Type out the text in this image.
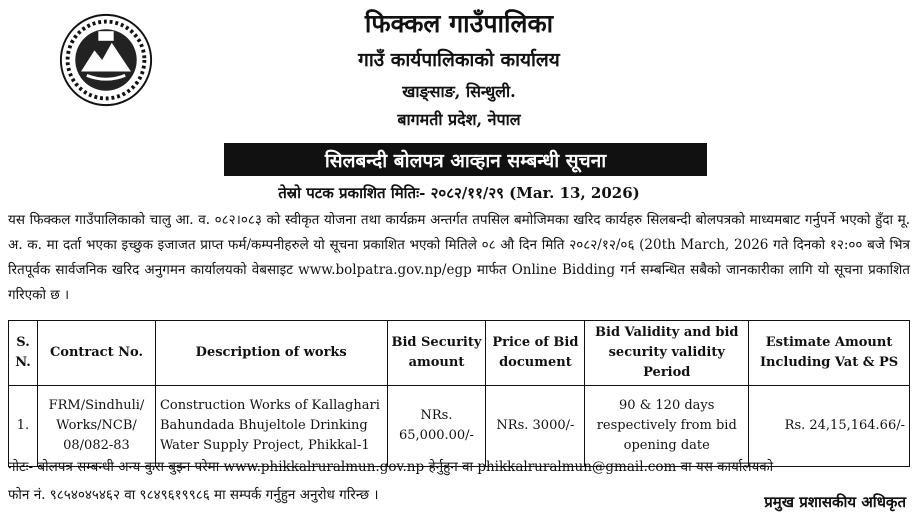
फिक्कल गाउँपालिका
गाउँ कार्यपालिकाको कार्यालय
खाङ्साङ, सिन्धुली.
बागमती प्रदेश, नेपाल
सिलबन्दी बोलपत्र आव्हान सम्बन्धी सूचना
तेस्रो पटक प्रकाशित मितिः- २०८२/११/२९ (Mar. 13, 2026)

यस फिक्कल गाउँपालिकाको चालु आ. व. ०८२।०८३ को स्वीकृत योजना तथा कार्यक्रम अन्तर्गत तपसिल बमोजिमका खरिद कार्यहरु सिलबन्दी बोलपत्रको माध्यमबाट गर्नुपर्ने भएको हुँदा मू. अ. क. मा दर्ता भएका इच्छुक इजाजत प्राप्त फर्म/कम्पनीहरुले यो सूचना प्रकाशित भएको मितिले ०८ औ दिन मिति २०८२/१२/०६ (20th March, 2026 गते दिनको १२:०० बजे भित्र रितपूर्वक सार्वजनिक खरिद अनुगमन कार्यालयको वेबसाइट www.bolpatra.gov.np/egp मार्फत Online Bidding गर्न सम्बन्धित सबैको जानकारीका लागि यो सूचना प्रकाशित गरिएको छ ।

S. N.	Contract No.	Description of works	Bid Security amount	Price of Bid document	Bid Validity and bid security validity Period	Estimate Amount Including Vat & PS
1.	FRM/Sindhuli/ Works/NCB/ 08/082-83	Construction Works of Kallaghari Bahundada Bhujeltole Drinking Water Supply Project, Phikkal-1	NRs. 65,000.00/-	NRs. 3000/-	90 & 120 days respectively from bid opening date	Rs. 24,15,164.66/-
नोटः- बोलपत्र सम्बन्धी अन्य कुरा बुझ्न परेमा www.phikkalruralmun.gov.np हेर्नुहुन वा phikkalruralmun@gmail.com वा यस कार्यालयको
फोन नं. ९८५४०४५४६२ वा ९८४९६१९९८६ मा सम्पर्क गर्नुहुन अनुरोध गरिन्छ ।	प्रमुख प्रशासकीय अधिकृत
